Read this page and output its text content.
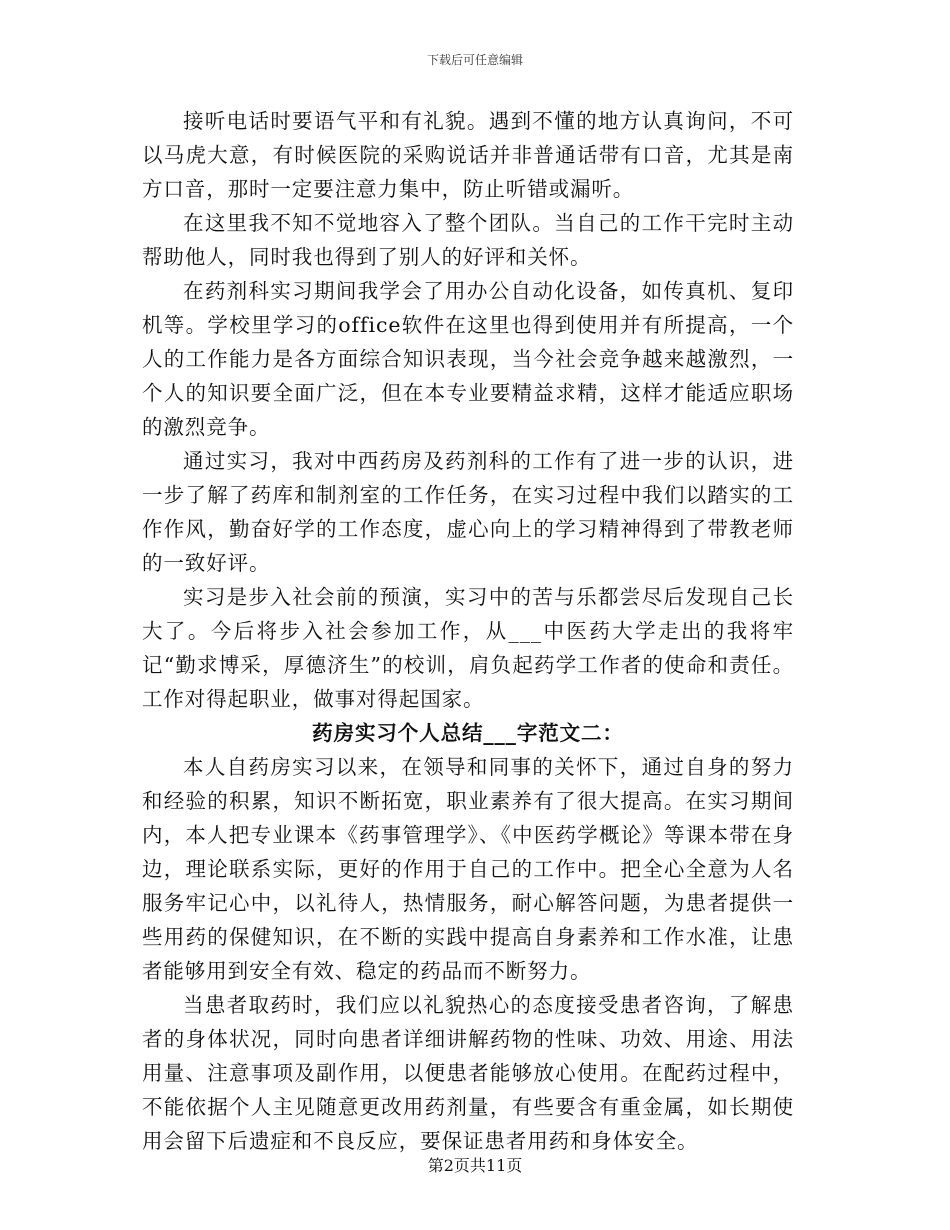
下载后可任意编辑

接听电话时要语气平和有礼貌。遇到不懂的地方认真询问，不可以马虎大意，有时候医院的采购说话并非普通话带有口音，尤其是南方口音，那时一定要注意力集中，防止听错或漏听。

在这里我不知不觉地容入了整个团队。当自己的工作干完时主动帮助他人，同时我也得到了别人的好评和关怀。

在药剂科实习期间我学会了用办公自动化设备，如传真机、复印机等。学校里学习的office软件在这里也得到使用并有所提高，一个人的工作能力是各方面综合知识表现，当今社会竞争越来越激烈，一个人的知识要全面广泛，但在本专业要精益求精，这样才能适应职场的激烈竞争。

通过实习，我对中西药房及药剂科的工作有了进一步的认识，进一步了解了药库和制剂室的工作任务，在实习过程中我们以踏实的工作作风，勤奋好学的工作态度，虚心向上的学习精神得到了带教老师的一致好评。

实习是步入社会前的预演，实习中的苦与乐都尝尽后发现自己长大了。今后将步入社会参加工作，从___中医药大学走出的我将牢记“勤求博采，厚德济生”的校训，肩负起药学工作者的使命和责任。工作对得起职业，做事对得起国家。

药房实习个人总结___字范文二：

本人自药房实习以来，在领导和同事的关怀下，通过自身的努力和经验的积累，知识不断拓宽，职业素养有了很大提高。在实习期间内，本人把专业课本《药事管理学》、《中医药学概论》等课本带在身边，理论联系实际，更好的作用于自己的工作中。把全心全意为人名服务牢记心中，以礼待人，热情服务，耐心解答问题，为患者提供一些用药的保健知识，在不断的实践中提高自身素养和工作水准，让患者能够用到安全有效、稳定的药品而不断努力。

当患者取药时，我们应以礼貌热心的态度接受患者咨询，了解患者的身体状况，同时向患者详细讲解药物的性味、功效、用途、用法用量、注意事项及副作用，以便患者能够放心使用。在配药过程中，不能依据个人主见随意更改用药剂量，有些要含有重金属，如长期使用会留下后遗症和不良反应，要保证患者用药和身体安全。

第2页共11页
